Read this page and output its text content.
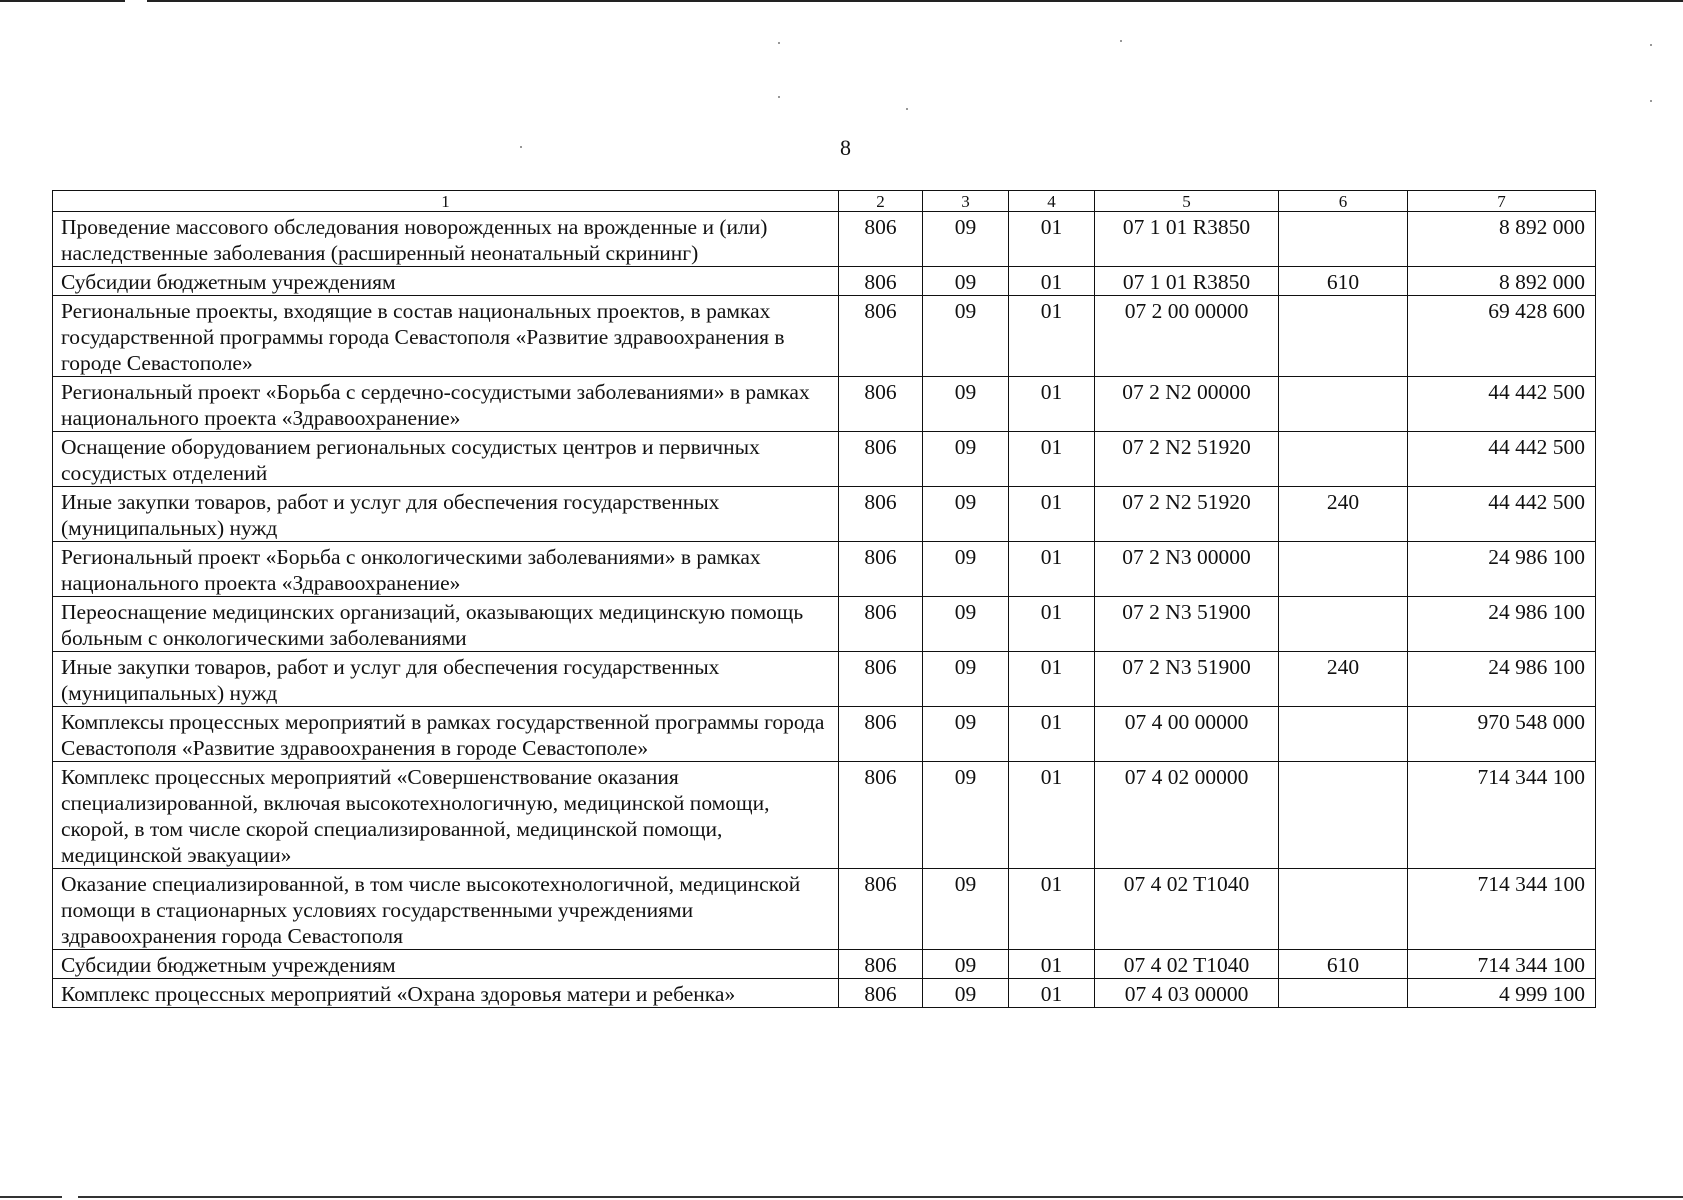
8
1	2	3	4	5	6	7
Проведение массового обследования новорожденных на врожденные и (или) наследственные заболевания (расширенный неонатальный скрининг)	806	09	01	07 1 01 R3850		8 892 000
Субсидии бюджетным учреждениям	806	09	01	07 1 01 R3850	610	8 892 000
Региональные проекты, входящие в состав национальных проектов, в рамках государственной программы города Севастополя «Развитие здравоохранения в городе Севастополе»	806	09	01	07 2 00 00000		69 428 600
Региональный проект «Борьба с сердечно-сосудистыми заболеваниями» в рамках национального проекта «Здравоохранение»	806	09	01	07 2 N2 00000		44 442 500
Оснащение оборудованием региональных сосудистых центров и первичных сосудистых отделений	806	09	01	07 2 N2 51920		44 442 500
Иные закупки товаров, работ и услуг для обеспечения государственных (муниципальных) нужд	806	09	01	07 2 N2 51920	240	44 442 500
Региональный проект «Борьба с онкологическими заболеваниями» в рамках национального проекта «Здравоохранение»	806	09	01	07 2 N3 00000		24 986 100
Переоснащение медицинских организаций, оказывающих медицинскую помощь больным с онкологическими заболеваниями	806	09	01	07 2 N3 51900		24 986 100
Иные закупки товаров, работ и услуг для обеспечения государственных (муниципальных) нужд	806	09	01	07 2 N3 51900	240	24 986 100
Комплексы процессных мероприятий в рамках государственной программы города Севастополя «Развитие здравоохранения в городе Севастополе»	806	09	01	07 4 00 00000		970 548 000
Комплекс процессных мероприятий «Совершенствование оказания специализированной, включая высокотехнологичную, медицинской помощи, скорой, в том числе скорой специализированной, медицинской помощи, медицинской эвакуации»	806	09	01	07 4 02 00000		714 344 100
Оказание специализированной, в том числе высокотехнологичной, медицинской помощи в стационарных условиях государственными учреждениями здравоохранения города Севастополя	806	09	01	07 4 02 T1040		714 344 100
Субсидии бюджетным учреждениям	806	09	01	07 4 02 T1040	610	714 344 100
Комплекс процессных мероприятий «Охрана здоровья матери и ребенка»	806	09	01	07 4 03 00000		4 999 100
